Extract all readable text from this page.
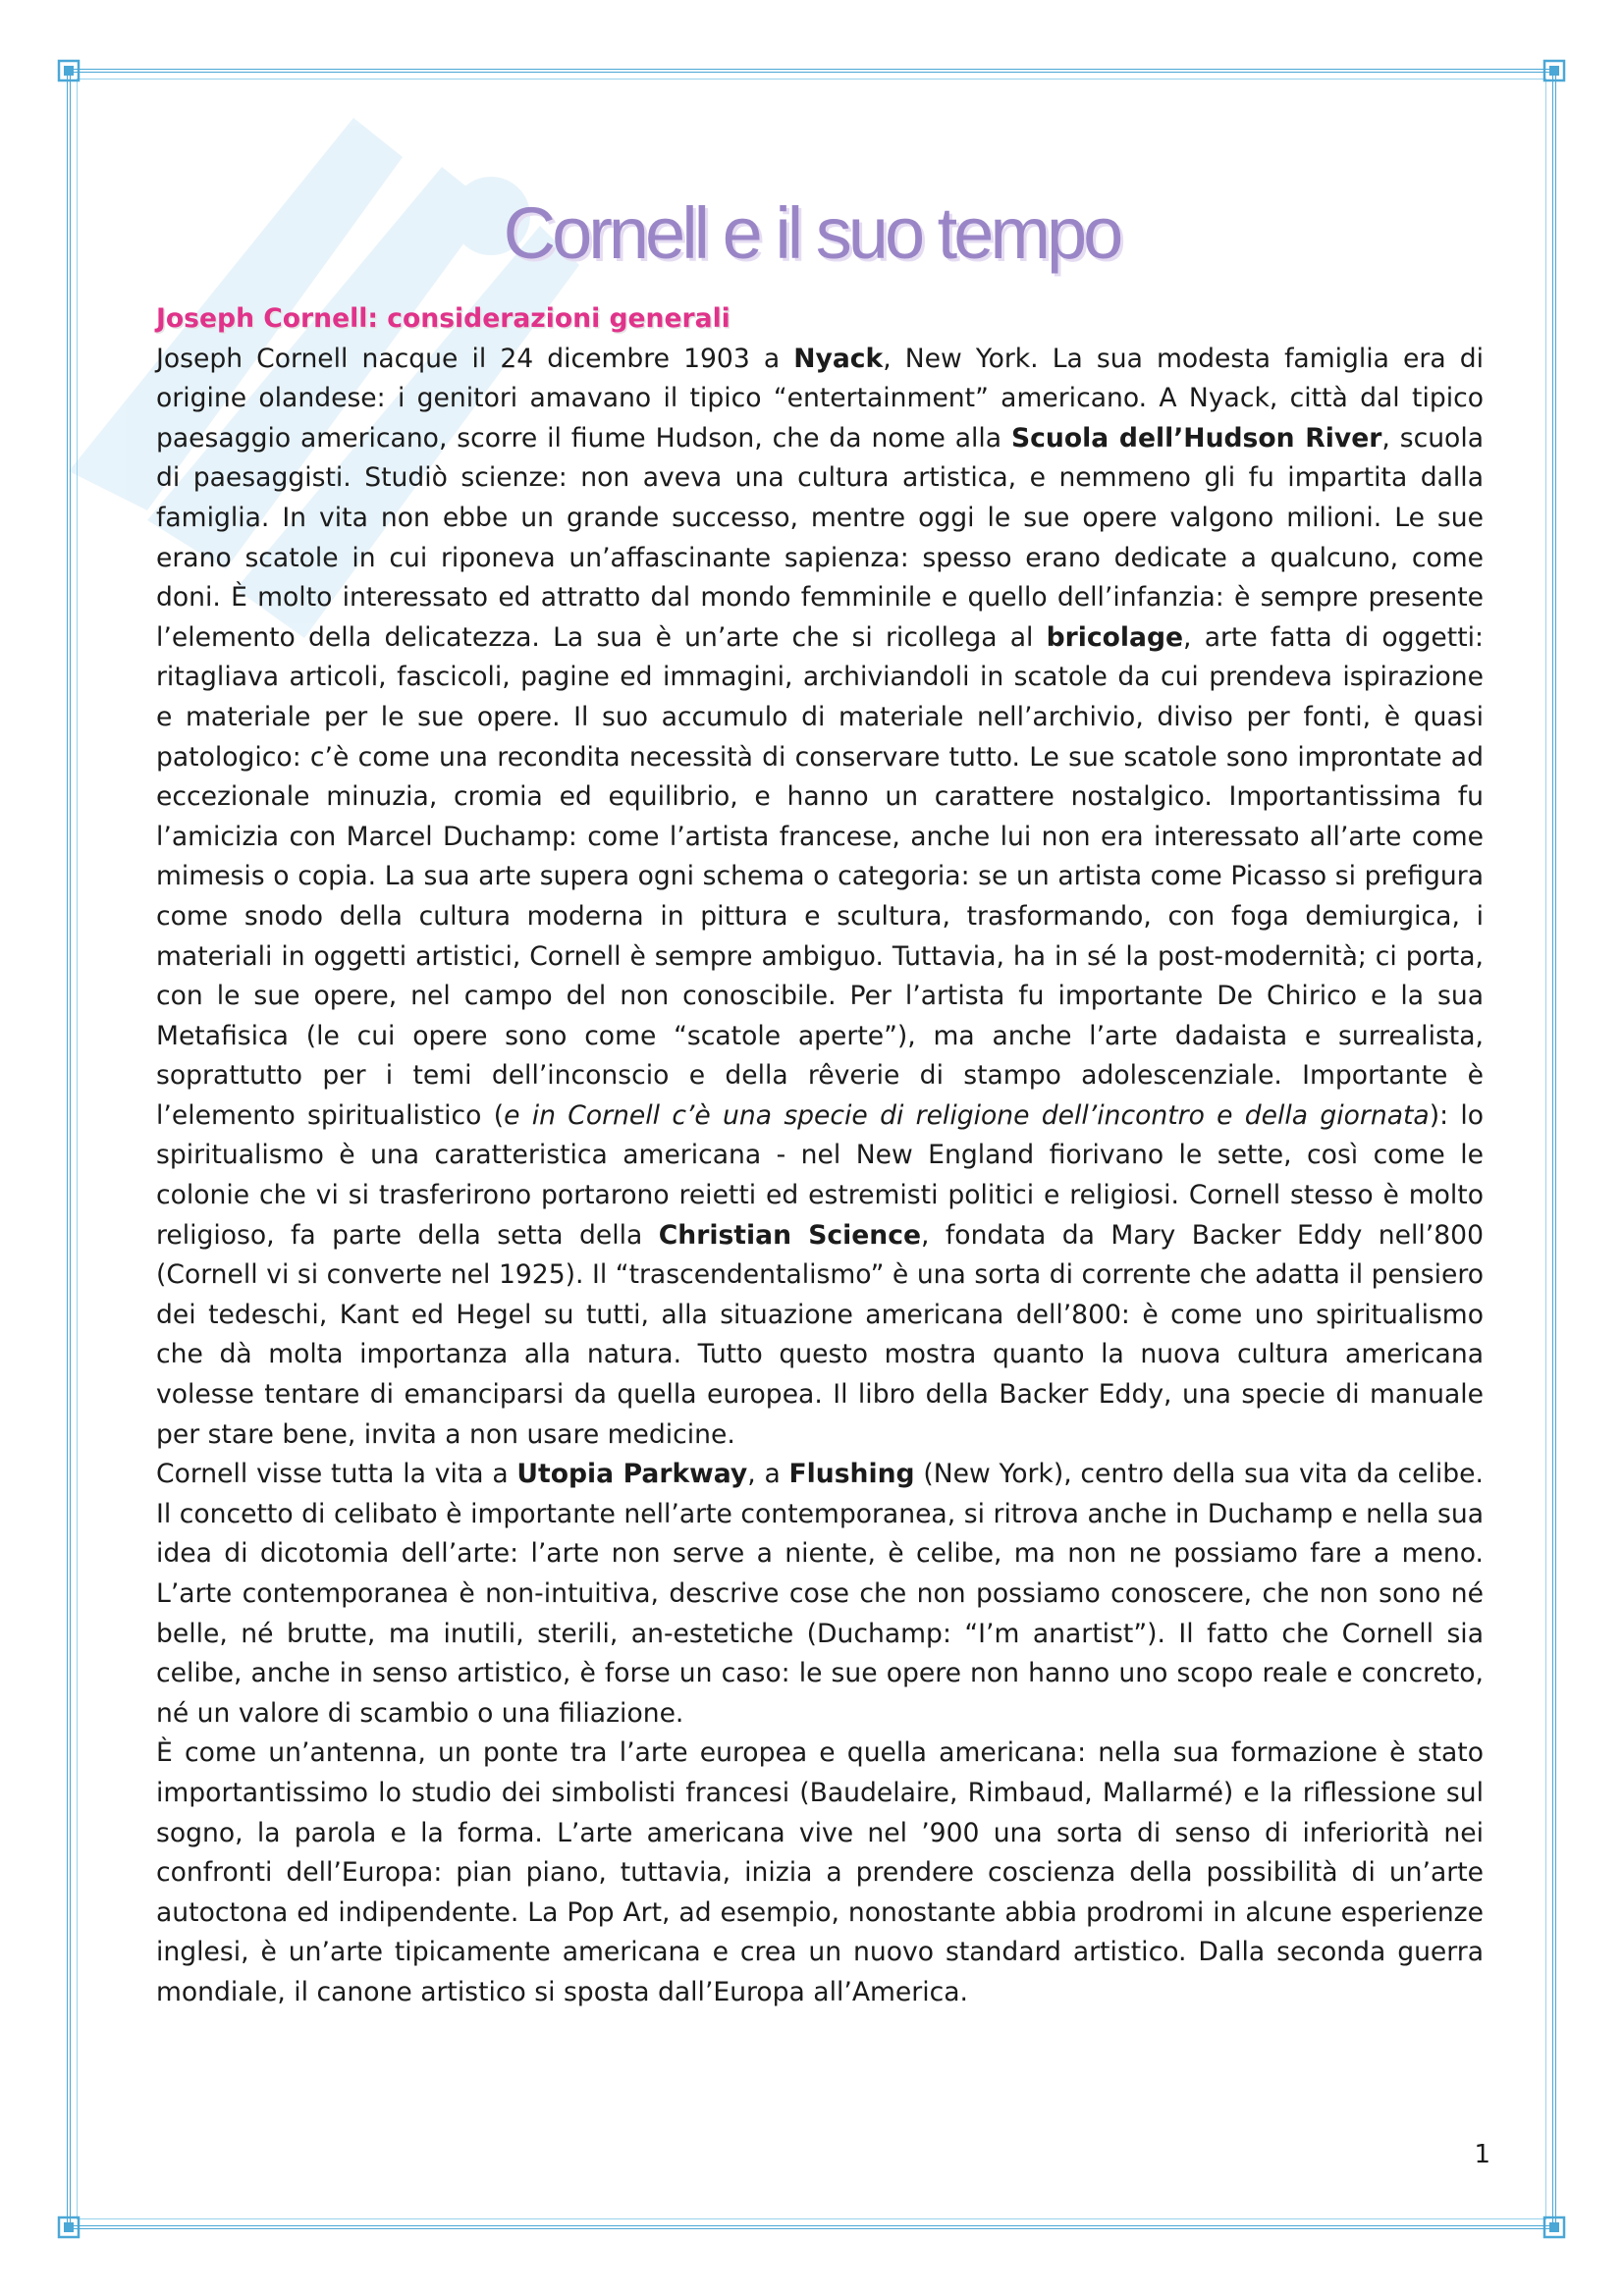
Cornell e il suo tempo
Joseph Cornell: considerazioni generali

Joseph Cornell nacque il 24 dicembre 1903 a Nyack, New York. La sua modesta famiglia era di origine olandese: i genitori amavano il tipico “entertainment” americano. A Nyack, città dal tipico paesaggio americano, scorre il fiume Hudson, che da nome alla Scuola dell’Hudson River, scuola di paesaggisti. Studiò scienze: non aveva una cultura artistica, e nemmeno gli fu impartita dalla famiglia. In vita non ebbe un grande successo, mentre oggi le sue opere valgono milioni. Le sue erano scatole in cui riponeva un’affascinante sapienza: spesso erano dedicate a qualcuno, come doni. È molto interessato ed attratto dal mondo femminile e quello dell’infanzia: è sempre presente l’elemento della delicatezza. La sua è un’arte che si ricollega al bricolage, arte fatta di oggetti: ritagliava articoli, fascicoli, pagine ed immagini, archiviandoli in scatole da cui prendeva ispirazione e materiale per le sue opere. Il suo accumulo di materiale nell’archivio, diviso per fonti, è quasi patologico: c’è come una recondita necessità di conservare tutto. Le sue scatole sono improntate ad eccezionale minuzia, cromia ed equilibrio, e hanno un carattere nostalgico. Importantissima fu l’amicizia con Marcel Duchamp: come l’artista francese, anche lui non era interessato all’arte come mimesis o copia. La sua arte supera ogni schema o categoria: se un artista come Picasso si prefigura come snodo della cultura moderna in pittura e scultura, trasformando, con foga demiurgica, i materiali in oggetti artistici, Cornell è sempre ambiguo. Tuttavia, ha in sé la post-modernità; ci porta, con le sue opere, nel campo del non conoscibile. Per l’artista fu importante De Chirico e la sua Metafisica (le cui opere sono come “scatole aperte”), ma anche l’arte dadaista e surrealista, soprattutto per i temi dell’inconscio e della rêverie di stampo adolescenziale. Importante è l’elemento spiritualistico (e in Cornell c’è una specie di religione dell’incontro e della giornata): lo spiritualismo è una caratteristica americana - nel New England fiorivano le sette, così come le colonie che vi si trasferirono portarono reietti ed estremisti politici e religiosi. Cornell stesso è molto religioso, fa parte della setta della Christian Science, fondata da Mary Backer Eddy nell’800 (Cornell vi si converte nel 1925). Il “trascendentalismo” è una sorta di corrente che adatta il pensiero dei tedeschi, Kant ed Hegel su tutti, alla situazione americana dell’800: è come uno spiritualismo che dà molta importanza alla natura. Tutto questo mostra quanto la nuova cultura americana volesse tentare di emanciparsi da quella europea. Il libro della Backer Eddy, una specie di manuale per stare bene, invita a non usare medicine.

Cornell visse tutta la vita a Utopia Parkway, a Flushing (New York), centro della sua vita da celibe. Il concetto di celibato è importante nell’arte contemporanea, si ritrova anche in Duchamp e nella sua idea di dicotomia dell’arte: l’arte non serve a niente, è celibe, ma non ne possiamo fare a meno. L’arte contemporanea è non-intuitiva, descrive cose che non possiamo conoscere, che non sono né belle, né brutte, ma inutili, sterili, an-estetiche (Duchamp: “I’m anartist”). Il fatto che Cornell sia celibe, anche in senso artistico, è forse un caso: le sue opere non hanno uno scopo reale e concreto, né un valore di scambio o una filiazione.

È come un’antenna, un ponte tra l’arte europea e quella americana: nella sua formazione è stato importantissimo lo studio dei simbolisti francesi (Baudelaire, Rimbaud, Mallarmé) e la riflessione sul sogno, la parola e la forma. L’arte americana vive nel ’900 una sorta di senso di inferiorità nei confronti dell’Europa: pian piano, tuttavia, inizia a prendere coscienza della possibilità di un’arte autoctona ed indipendente. La Pop Art, ad esempio, nonostante abbia prodromi in alcune esperienze inglesi, è un’arte tipicamente americana e crea un nuovo standard artistico. Dalla seconda guerra mondiale, il canone artistico si sposta dall’Europa all’America.

1
